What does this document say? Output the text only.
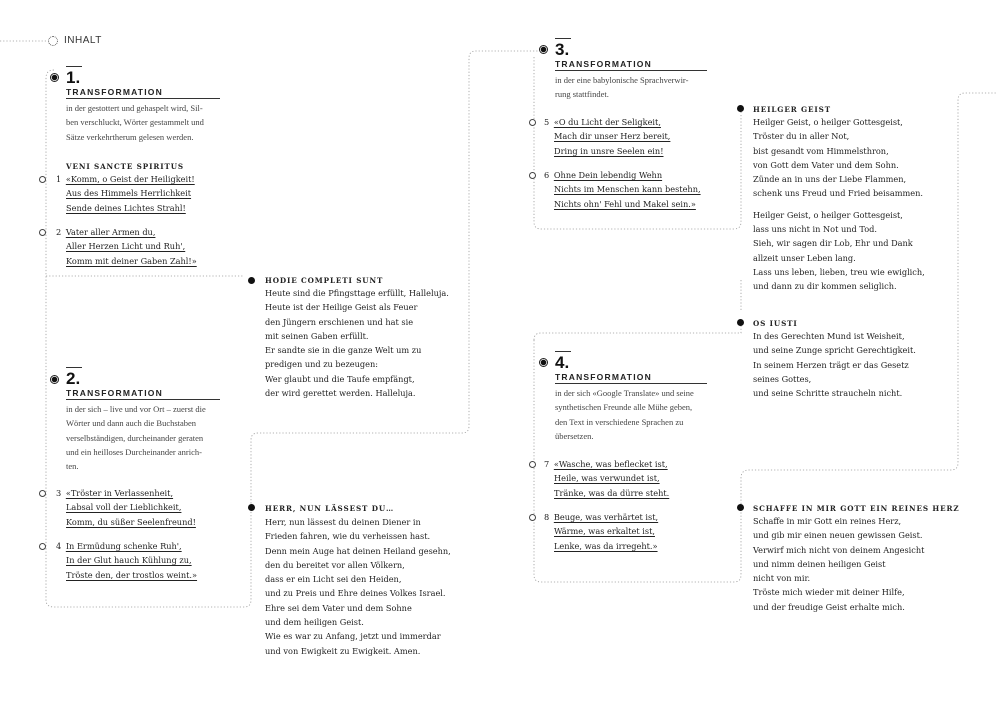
INHALT
1.
TRANSFORMATION
in der gestottert und gehaspelt wird, Sil-
ben verschluckt, Wörter gestammelt und
Sätze verkehrtherum gelesen werden.
VENI SANCTE SPIRITUS
1 «Komm, o Geist der Heiligkeit!
Aus des Himmels Herrlichkeit
Sende deines Lichtes Strahl!
2 Vater aller Armen du,
Aller Herzen Licht und Ruh',
Komm mit deiner Gaben Zahl!»
2.
TRANSFORMATION
in der sich – live und vor Ort – zuerst die
Wörter und dann auch die Buchstaben
verselbständigen, durcheinander geraten
und ein heilloses Durcheinander anrich-
ten.
3 «Tröster in Verlassenheit,
Labsal voll der Lieblichkeit,
Komm, du süßer Seelenfreund!
4 In Ermüdung schenke Ruh',
In der Glut hauch Kühlung zu,
Tröste den, der trostlos weint.»
HODIE COMPLETI SUNT
Heute sind die Pfingsttage erfüllt, Halleluja.
Heute ist der Heilige Geist als Feuer
den Jüngern erschienen und hat sie
mit seinen Gaben erfüllt.
Er sandte sie in die ganze Welt um zu
predigen und zu bezeugen:
Wer glaubt und die Taufe empfängt,
der wird gerettet werden. Halleluja.
HERR, NUN LÄSSEST DU…
Herr, nun lässest du deinen Diener in
Frieden fahren, wie du verheissen hast.
Denn mein Auge hat deinen Heiland gesehn,
den du bereitet vor allen Völkern,
dass er ein Licht sei den Heiden,
und zu Preis und Ehre deines Volkes Israel.
Ehre sei dem Vater und dem Sohne
und dem heiligen Geist.
Wie es war zu Anfang, jetzt und immerdar
und von Ewigkeit zu Ewigkeit. Amen.
3.
TRANSFORMATION
in der eine babylonische Sprachverwir-
rung stattfindet.
5 «O du Licht der Seligkeit,
Mach dir unser Herz bereit,
Dring in unsre Seelen ein!
6 Ohne Dein lebendig Wehn
Nichts im Menschen kann bestehn,
Nichts ohn' Fehl und Makel sein.»
4.
TRANSFORMATION
in der sich «Google Translate» und seine
synthetischen Freunde alle Mühe geben,
den Text in verschiedene Sprachen zu
übersetzen.
7 «Wasche, was beflecket ist,
Heile, was verwundet ist,
Tränke, was da dürre steht.
8 Beuge, was verhärtet ist,
Wärme, was erkaltet ist,
Lenke, was da irregeht.»
HEILGER GEIST
Heilger Geist, o heilger Gottesgeist,
Tröster du in aller Not,
bist gesandt vom Himmelsthron,
von Gott dem Vater und dem Sohn.
Zünde an in uns der Liebe Flammen,
schenk uns Freud und Fried beisammen.
Heilger Geist, o heilger Gottesgeist,
lass uns nicht in Not und Tod.
Sieh, wir sagen dir Lob, Ehr und Dank
allzeit unser Leben lang.
Lass uns leben, lieben, treu wie ewiglich,
und dann zu dir kommen seliglich.
OS IUSTI
In des Gerechten Mund ist Weisheit,
und seine Zunge spricht Gerechtigkeit.
In seinem Herzen trägt er das Gesetz
seines Gottes,
und seine Schritte straucheln nicht.
SCHAFFE IN MIR GOTT EIN REINES HERZ
Schaffe in mir Gott ein reines Herz,
und gib mir einen neuen gewissen Geist.
Verwirf mich nicht von deinem Angesicht
und nimm deinen heiligen Geist
nicht von mir.
Tröste mich wieder mit deiner Hilfe,
und der freudige Geist erhalte mich.
